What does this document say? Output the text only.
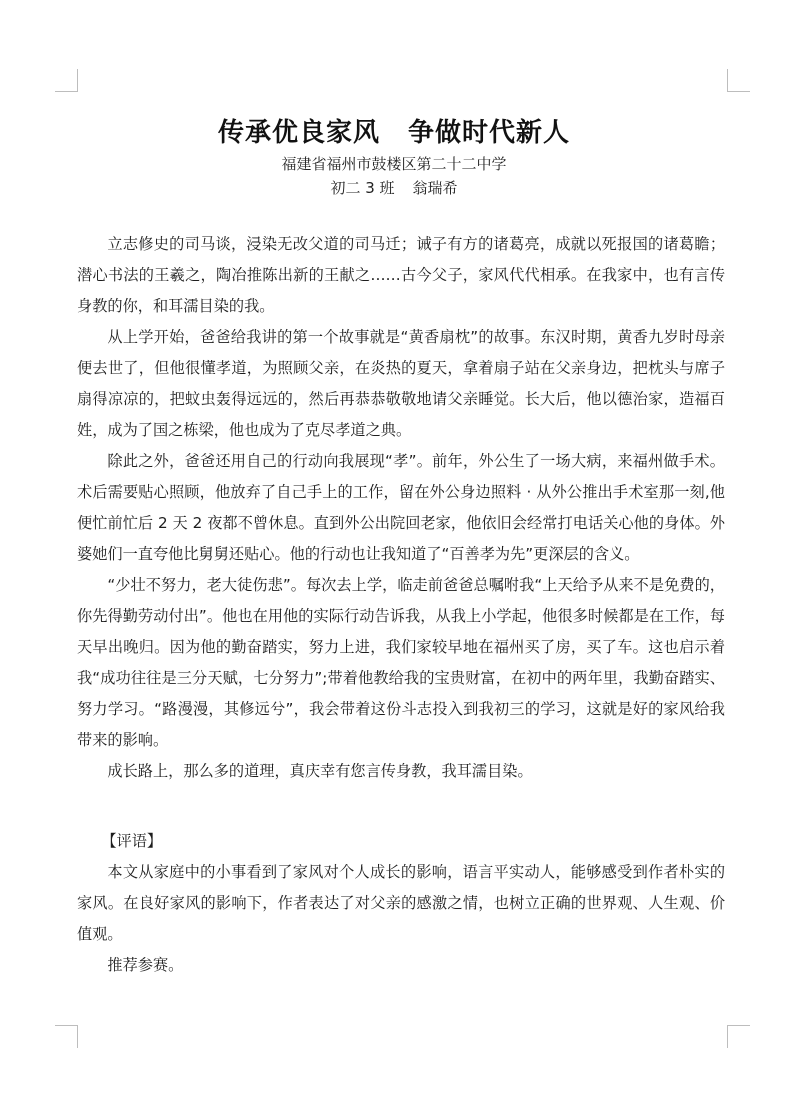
传承优良家风 争做时代新人
福建省福州市鼓楼区第二十二中学
初二 3 班 翁瑞希

立志修史的司马谈，浸染无改父道的司马迁；诫子有方的诸葛亮，成就以死报国的诸葛瞻；潜心书法的王羲之，陶冶推陈出新的王献之……古今父子，家风代代相承。在我家中，也有言传身教的你，和耳濡目染的我。

从上学开始，爸爸给我讲的第一个故事就是“黄香扇枕”的故事。东汉时期，黄香九岁时母亲便去世了，但他很懂孝道，为照顾父亲，在炎热的夏天，拿着扇子站在父亲身边，把枕头与席子扇得凉凉的，把蚊虫轰得远远的，然后再恭恭敬敬地请父亲睡觉。长大后，他以德治家，造福百姓，成为了国之栋梁，他也成为了克尽孝道之典。

除此之外，爸爸还用自己的行动向我展现“孝”。前年，外公生了一场大病，来福州做手术。术后需要贴心照顾，他放弃了自己手上的工作，留在外公身边照料 · 从外公推出手术室那一刻,他便忙前忙后 2 天 2 夜都不曾休息。直到外公出院回老家，他依旧会经常打电话关心他的身体。外婆她们一直夸他比舅舅还贴心。他的行动也让我知道了“百善孝为先”更深层的含义。

“少壮不努力，老大徒伤悲”。每次去上学，临走前爸爸总嘱咐我“上天给予从来不是免费的，你先得勤劳动付出”。他也在用他的实际行动告诉我，从我上小学起，他很多时候都是在工作，每天早出晚归。因为他的勤奋踏实，努力上进，我们家较早地在福州买了房，买了车。这也启示着我“成功往往是三分天赋，七分努力”;带着他教给我的宝贵财富，在初中的两年里，我勤奋踏实、努力学习。“路漫漫，其修远兮”，我会带着这份斗志投入到我初三的学习，这就是好的家风给我带来的影响。

成长路上，那么多的道理，真庆幸有您言传身教，我耳濡目染。

【评语】

本文从家庭中的小事看到了家风对个人成长的影响，语言平实动人，能够感受到作者朴实的家风。在良好家风的影响下，作者表达了对父亲的感激之情，也树立正确的世界观、人生观、价值观。

推荐参赛。
